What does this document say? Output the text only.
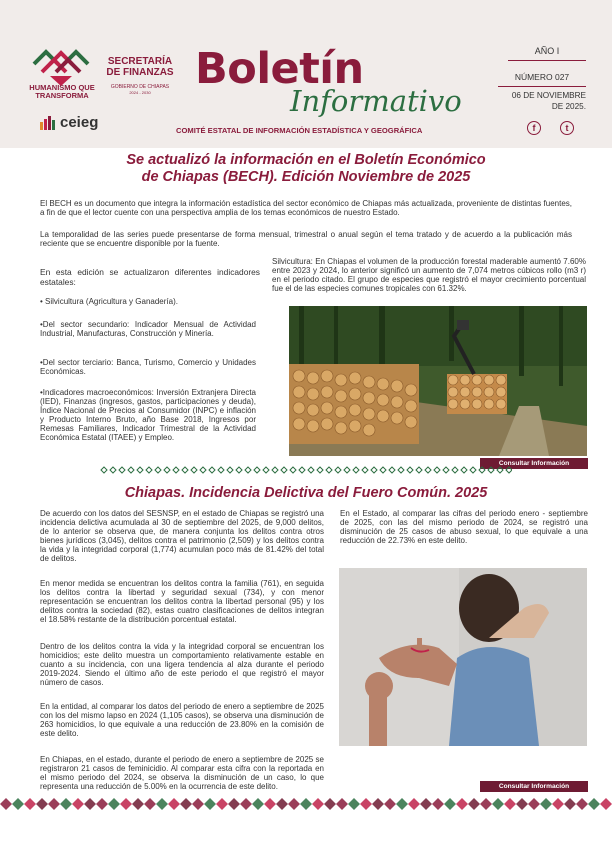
HUMANISMO QUE
TRANSFORMA
SECRETARÍA
DE FINANZAS
GOBIERNO DE CHIAPAS
2024 - 2030
ceieg
Boletín
Informativo
COMITÉ ESTATAL DE INFORMACIÓN ESTADÍSTICA Y GEOGRÁFICA
AÑO I
NÚMERO 027
06 DE NOVIEMBRE
DE 2025.
f	t
Se actualizó la información en el Boletín Económico
de Chiapas (BECH). Edición Noviembre de 2025
El BECH es un documento que integra la información estadística del sector económico de Chiapas más actualizada, proveniente de distintas fuentes, a fin de que el lector cuente con una perspectiva amplia de los temas económicos de nuestro Estado.
La temporalidad de las series puede presentarse de forma mensual, trimestral o anual según el tema tratado y de acuerdo a la publicación más reciente que se encuentre disponible por la fuente.
En esta edición se actualizaron diferentes indicadores estatales:
• Silvicultura (Agricultura y Ganadería).
•Del sector secundario: Indicador Mensual de Actividad Industrial, Manufacturas, Construcción y Minería.
•Del sector terciario: Banca, Turismo, Comercio y Unidades Económicas.
•Indicadores macroeconómicos: Inversión Extranjera Directa (IED), Finanzas (ingresos, gastos, participaciones y deuda), Índice Nacional de Precios al Consumidor (INPC) e inflación y Producto Interno Bruto, año Base 2018, Ingresos por Remesas Familiares, Indicador Trimestral de la Actividad Económica Estatal (ITAEE) y Empleo.
Silvicultura: En Chiapas el volumen de la producción forestal maderable aumentó 7.60% entre 2023 y 2024, lo anterior significó un aumento de 7,074 metros cúbicos rollo (m3 r) en el periodo citado. El grupo de especies que registró el mayor crecimiento porcentual fue el de las especies comunes tropicales con 61.32%.
Consultar Información
Chiapas. Incidencia Delictiva del Fuero Común. 2025
De acuerdo con los datos del SESNSP, en el estado de Chiapas se registró una incidencia delictiva acumulada al 30 de septiembre del 2025, de 9,000 delitos, de lo anterior se observa que, de manera conjunta los delitos contra otros bienes jurídicos (3,045), delitos contra el patrimonio (2,509) y los delitos contra la vida y la integridad corporal (1,774) acumulan poco más de 81.42% del total de delitos.
En menor medida se encuentran los delitos contra la familia (761), en seguida los delitos contra la libertad y seguridad sexual (734), y con menor representación se encuentran los delitos contra la libertad personal (95) y los delitos contra la sociedad (82), estas cuatro clasificaciones de delitos integran el 18.58% restante de la distribución porcentual estatal.
Dentro de los delitos contra la vida y la integridad corporal se encuentran los homicidios; este delito muestra un comportamiento relativamente estable en cuanto a su incidencia, con una ligera tendencia al alza durante el periodo 2019-2024. Siendo el último año de este periodo el que registró el mayor número de casos.
En la entidad, al comparar los datos del periodo de enero a septiembre de 2025 con los del mismo lapso en 2024 (1,105 casos), se observa una disminución de 263 homicidios, lo que equivale a una reducción de 23.80% en la comisión de este delito.
En Chiapas, en el estado, durante el periodo de enero a septiembre de 2025 se registraron 21 casos de feminicidio. Al comparar esta cifra con la reportada en el mismo periodo del 2024, se observa la disminución de un caso, lo que representa una reducción de 5.00% en la ocurrencia de este delito.
En el Estado, al comparar las cifras del periodo enero - septiembre de 2025, con las del mismo periodo de 2024, se registró una disminución de 25 casos de abuso sexual, lo que equivale a una reducción de 22.73% en este delito.
Consultar Información
